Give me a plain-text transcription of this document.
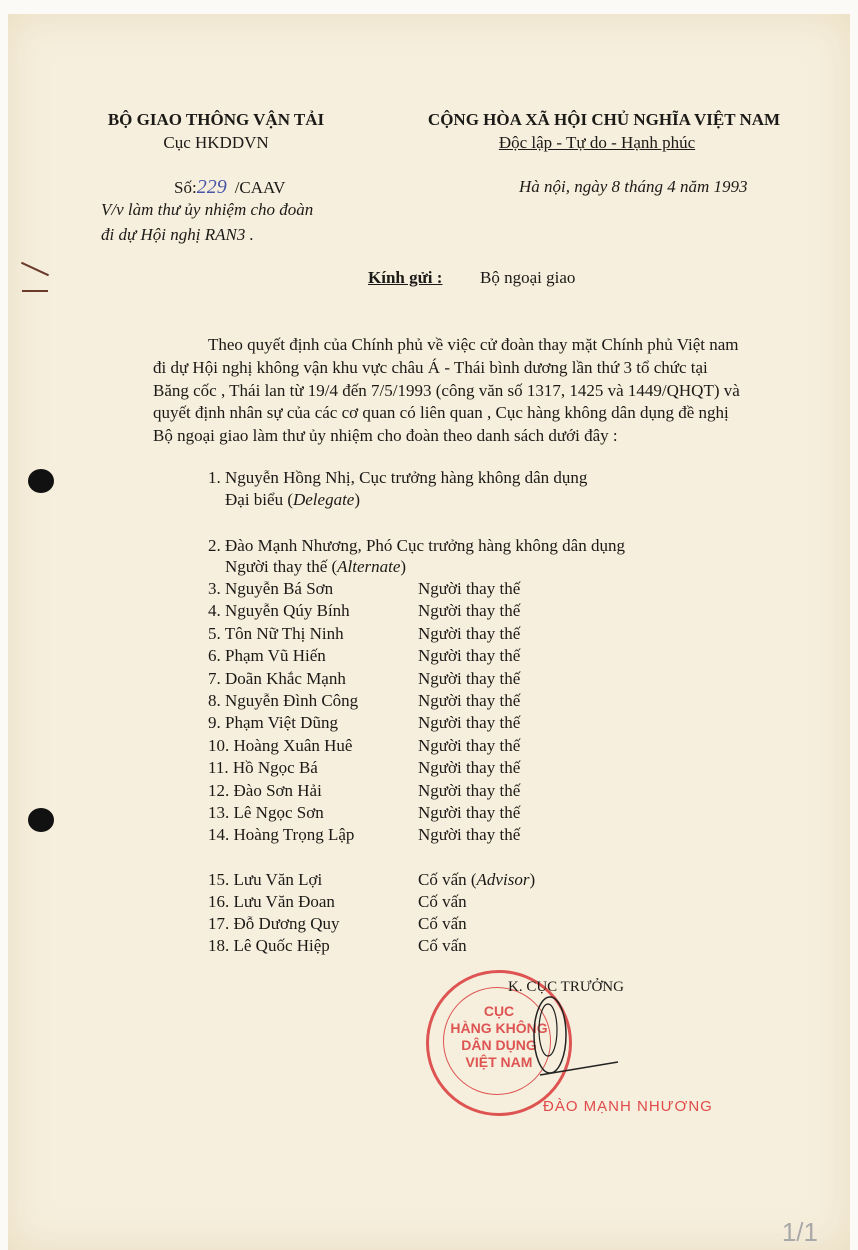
BỘ GIAO THÔNG VẬN TẢI
Cục HKDDVN
CỘNG HÒA XÃ HỘI CHỦ NGHĨA VIỆT NAM
Độc lập - Tự do - Hạnh phúc
Số:229 /CAAV
V/v làm thư ủy nhiệm cho đoàn
đi dự Hội nghị RAN3 .
Hà nội, ngày 8 tháng 4 năm 1993
Kính gửi : Bộ ngoại giao
Theo quyết định của Chính phủ về việc cử đoàn thay mặt Chính phủ Việt nam
đi dự Hội nghị không vận khu vực châu Á - Thái bình dương lần thứ 3 tổ chức tại
Băng cốc , Thái lan từ 19/4 đến 7/5/1993 (công văn số 1317, 1425 và 1449/QHQT) và
quyết định nhân sự của các cơ quan có liên quan , Cục hàng không dân dụng đề nghị
Bộ ngoại giao làm thư ủy nhiệm cho đoàn theo danh sách dưới đây :
1. Nguyễn Hồng Nhị, Cục trưởng hàng không dân dụng
Đại biểu (Delegate)
2. Đào Mạnh Nhương, Phó Cục trưởng hàng không dân dụng
Người thay thế (Alternate)
3. Nguyễn Bá Sơn	Người thay thế
4. Nguyễn Qúy Bính	Người thay thế
5. Tôn Nữ Thị Ninh	Người thay thế
6. Phạm Vũ Hiến	Người thay thế
7. Doãn Khắc Mạnh	Người thay thế
8. Nguyễn Đình Công	Người thay thế
9. Phạm Việt Dũng	Người thay thế
10. Hoàng Xuân Huê	Người thay thế
11. Hồ Ngọc Bá	Người thay thế
12. Đào Sơn Hải	Người thay thế
13. Lê Ngọc Sơn	Người thay thế
14. Hoàng Trọng Lập	Người thay thế
15. Lưu Văn Lợi	Cố vấn (Advisor)
16. Lưu Văn Đoan	Cố vấn
17. Đỗ Dương Quy	Cố vấn
18. Lê Quốc Hiệp	Cố vấn
CỤC
HÀNG KHÔNG
DÂN DỤNG
VIỆT NAM
K. CỤC TRƯỞNG
ĐÀO MẠNH NHƯƠNG
1/1
